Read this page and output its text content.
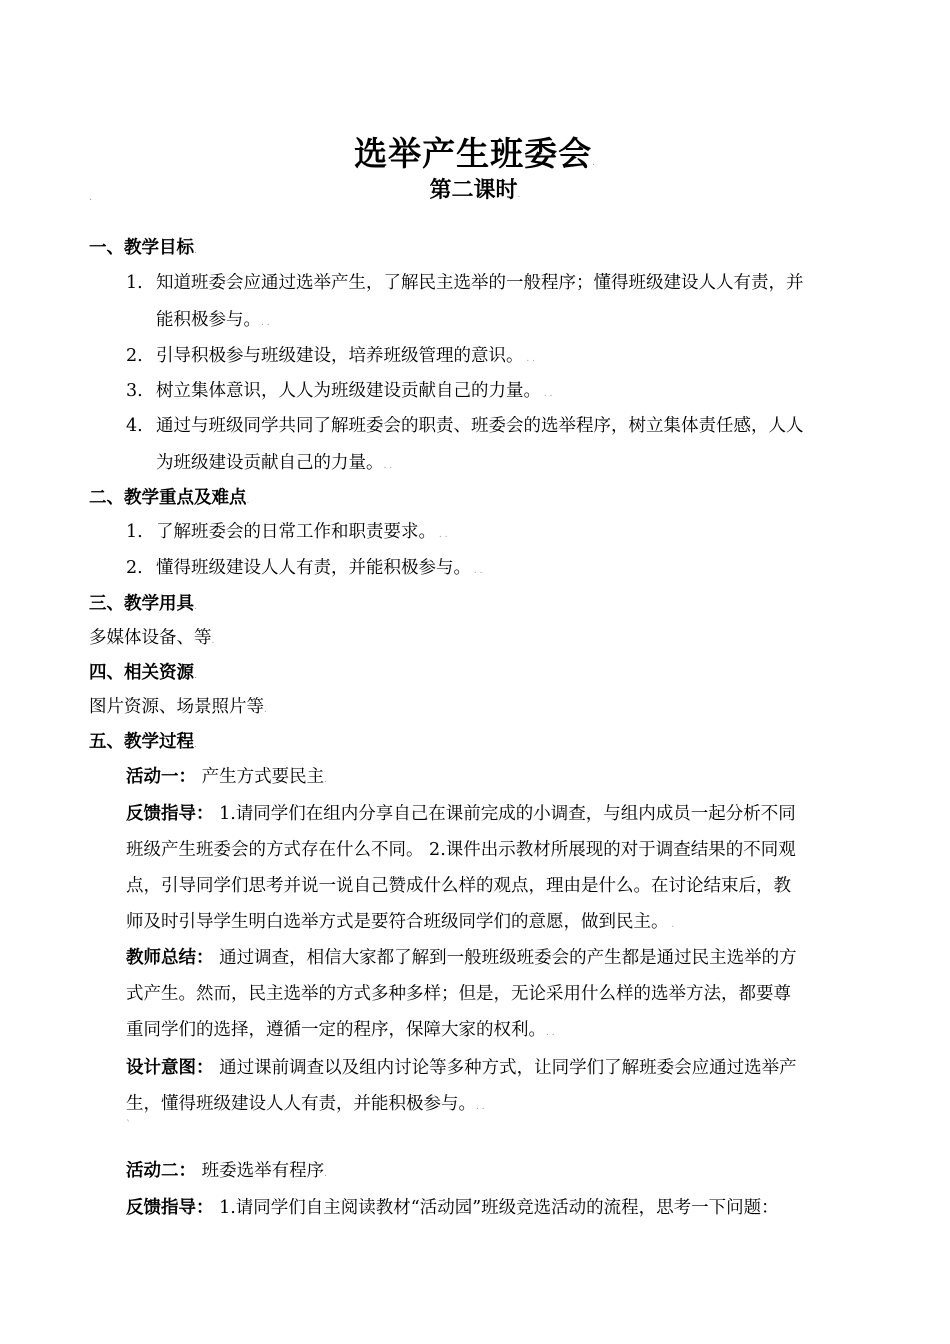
选举产生班委会.
第二课时.
.
一、教学目标.
1. 知道班委会应通过选举产生，了解民主选举的一般程序；懂得班级建设人人有责，并
能积极参与。. .
2. 引导积极参与班级建设，培养班级管理的意识。 . .
3. 树立集体意识，人人为班级建设贡献自己的力量。 . .
4. 通过与班级同学共同了解班委会的职责、班委会的选举程序，树立集体责任感，人人
为班级建设贡献自己的力量。. .
二、教学重点及难点.
1. 了解班委会的日常工作和职责要求。 . .
2. 懂得班级建设人人有责，并能积极参与。 . .
三、教学用具.
多媒体设备、等.
四、相关资源.
图片资源、场景照片等.
五、教学过程.
活动一： 产生方式要民主.
反馈指导： 1.请同学们在组内分享自己在课前完成的小调查，与组内成员一起分析不同
班级产生班委会的方式存在什么不同。 2.课件出示教材所展现的对于调查结果的不同观
点，引导同学们思考并说一说自己赞成什么样的观点，理由是什么。在讨论结束后，教
师及时引导学生明白选举方式是要符合班级同学们的意愿，做到民主。 .
教师总结： 通过调查，相信大家都了解到一般班级班委会的产生都是通过民主选举的方
式产生。然而，民主选举的方式多种多样；但是，无论采用什么样的选举方法，都要尊
重同学们的选择，遵循一定的程序，保障大家的权利。. .
设计意图： 通过课前调查以及组内讨论等多种方式，让同学们了解班委会应通过选举产
生，懂得班级建设人人有责，并能积极参与。. .
`
活动二： 班委选举有程序.
反馈指导： 1.请同学们自主阅读教材“活动园”班级竞选活动的流程，思考一下问题：
